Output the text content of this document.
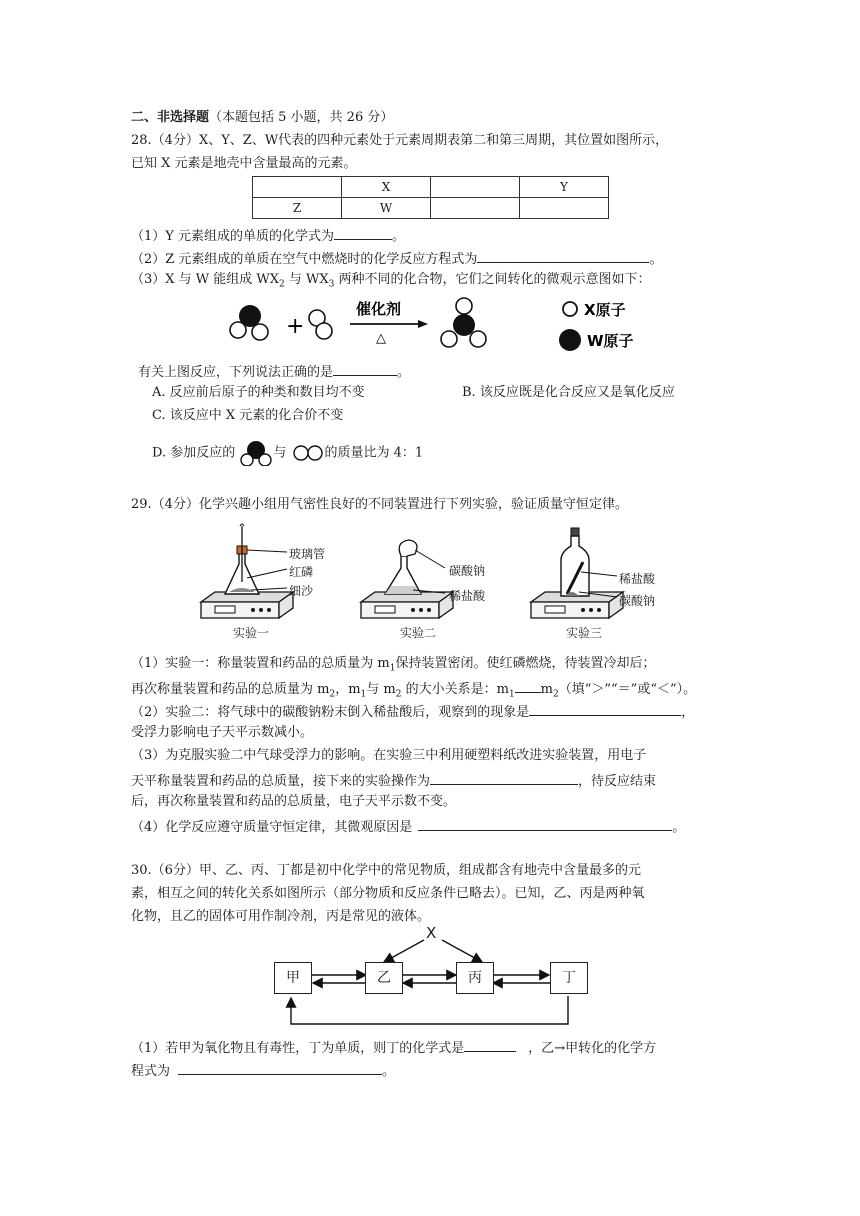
二、非选择题（本题包括 5 小题，共 26 分）
28.（4分）X、Y、Z、W代表的四种元素处于元素周期表第二和第三周期，其位置如图所示，
已知 X 元素是地壳中含量最高的元素。
	X		Y
Z	W		
（1）Y 元素组成的单质的化学式为	。
（2）Z 元素组成的单质在空气中燃烧时的化学反应方程式为	。
（3）X 与 W 能组成 $WX_2$ 与 $WX_3$ 两种不同的化合物，它们之间转化的微观示意图如下：
+
催化剂
△
X原子
W原子
有关上图反应，下列说法正确的是	。
A. 反应前后原子的种类和数目均不变	B. 该反应既是化合反应又是氧化反应
C. 该反应中 X 元素的化合价不变
D. 参加反应的	与	的质量比为 4：1
29.（4分）化学兴趣小组用气密性良好的不同装置进行下列实验，验证质量守恒定律。
玻璃管
红磷
细沙
实验一
碳酸钠
稀盐酸
实验二
稀盐酸
碳酸钠
实验三
（1）实验一：称量装置和药品的总质量为 $m_1$保持装置密闭。使红磷燃烧，待装置冷却后；
再次称量装置和药品的总质量为 $m_2$，$m_1$与 $m_2$ 的大小关系是：$m_1$ $m_2$（填“＞”“＝”或“＜”）。
（2）实验二：将气球中的碳酸钠粉末倒入稀盐酸后，观察到的现象是	，
受浮力影响电子天平示数减小。
（3）为克服实验二中气球受浮力的影响。在实验三中利用硬塑料纸改进实验装置，用电子
天平称量装置和药品的总质量，接下来的实验操作为	，待反应结束
后，再次称量装置和药品的总质量，电子天平示数不变。
（4）化学反应遵守质量守恒定律，其微观原因是	。
30.（6分）甲、乙、丙、丁都是初中化学中的常见物质，组成都含有地壳中含量最多的元
素，相互之间的转化关系如图所示（部分物质和反应条件已略去）。已知，乙、丙是两种氧
化物，且乙的固体可用作制冷剂，丙是常见的液体。
X
甲	乙	丙	丁
（1）若甲为氧化物且有毒性，丁为单质，则丁的化学式是	，乙→甲转化的化学方
程式为	。
